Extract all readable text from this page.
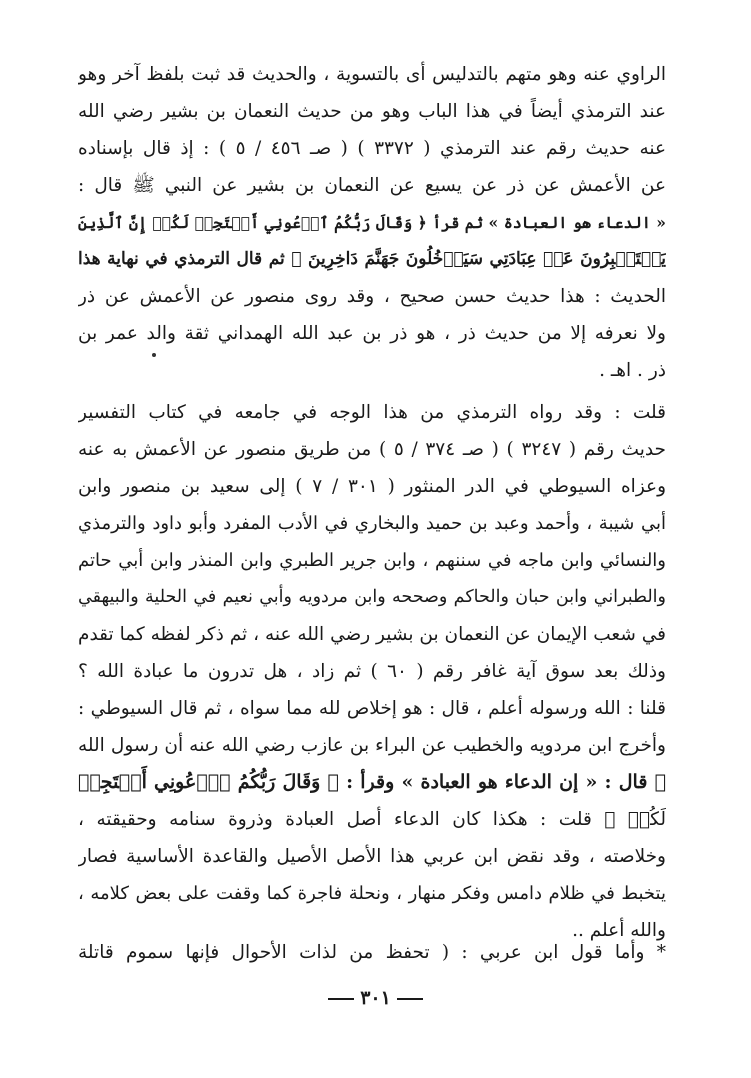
الراوي عنه وهو متهم بالتدليس أى بالتسوية ، والحديث قد ثبت بلفظ آخر وهو
عند الترمذي أيضاً في هذا الباب وهو من حديث النعمان بن بشير رضي الله
عنه حديث رقم عند الترمذي ( ٣٣٧٢ ) ( صـ ٤٥٦ / ٥ ) : إذ قال بإسناده
عن الأعمش عن ذر عن يسيع عن النعمان بن بشير عن النبي ﷺ قال :
« الدعاء هو العبادة » ثم قرأ ﴿ وَقَالَ رَبُّكُمُ ٱدۡعُونِي أَسۡتَجِبۡ لَكُمۡ إِنَّ ٱلَّذِينَ
يَسۡتَكۡبِرُونَ عَنۡ عِبَادَتِي سَيَدۡخُلُونَ جَهَنَّمَ دَاخِرِينَ ﴾ ثم قال الترمذي في نهاية هذا
الحديث : هذا حديث حسن صحيح ، وقد روى منصور عن الأعمش عن ذر
ولا نعرفه إلا من حديث ذر ، هو ذر بن عبد الله الهمداني ثقة والد عمر بن
ذر . اهـ .
قلت : وقد رواه الترمذي من هذا الوجه في جامعه في كتاب التفسير
حديث رقم ( ٣٢٤٧ ) ( صـ ٣٧٤ / ٥ ) من طريق منصور عن الأعمش به عنه
وعزاه السيوطي في الدر المنثور ( ٣٠١ / ٧ ) إلى سعيد بن منصور وابن
أبي شيبة ، وأحمد وعبد بن حميد والبخاري في الأدب المفرد وأبو داود والترمذي
والنسائي وابن ماجه في سننهم ، وابن جرير الطبري وابن المنذر وابن أبي حاتم
والطبراني وابن حبان والحاكم وصححه وابن مردويه وأبي نعيم في الحلية والبيهقي
في شعب الإيمان عن النعمان بن بشير رضي الله عنه ، ثم ذكر لفظه كما تقدم
وذلك بعد سوق آية غافر رقم ( ٦٠ ) ثم زاد ، هل تدرون ما عبادة الله ؟
قلنا : الله ورسوله أعلم ، قال : هو إخلاص لله مما سواه ، ثم قال السيوطي :
وأخرج ابن مردويه والخطيب عن البراء بن عازب رضي الله عنه أن رسول الله
ﷺ قال : « إن الدعاء هو العبادة » وقرأ : ﴿ وَقَالَ رَبُّكُمُ ٱدۡعُونِي أَسۡتَجِبۡ
لَكُمۡ ﴾ قلت : هكذا كان الدعاء أصل العبادة وذروة سنامه وحقيقته ،
وخلاصته ، وقد نقض ابن عربي هذا الأصل الأصيل والقاعدة الأساسية فصار
يتخبط في ظلام دامس وفكر منهار ، ونحلة فاجرة كما وقفت على بعض كلامه ،
والله أعلم ..
* وأما قول ابن عربي : ( تحفظ من لذات الأحوال فإنها سموم قاتلة
٣٠١
